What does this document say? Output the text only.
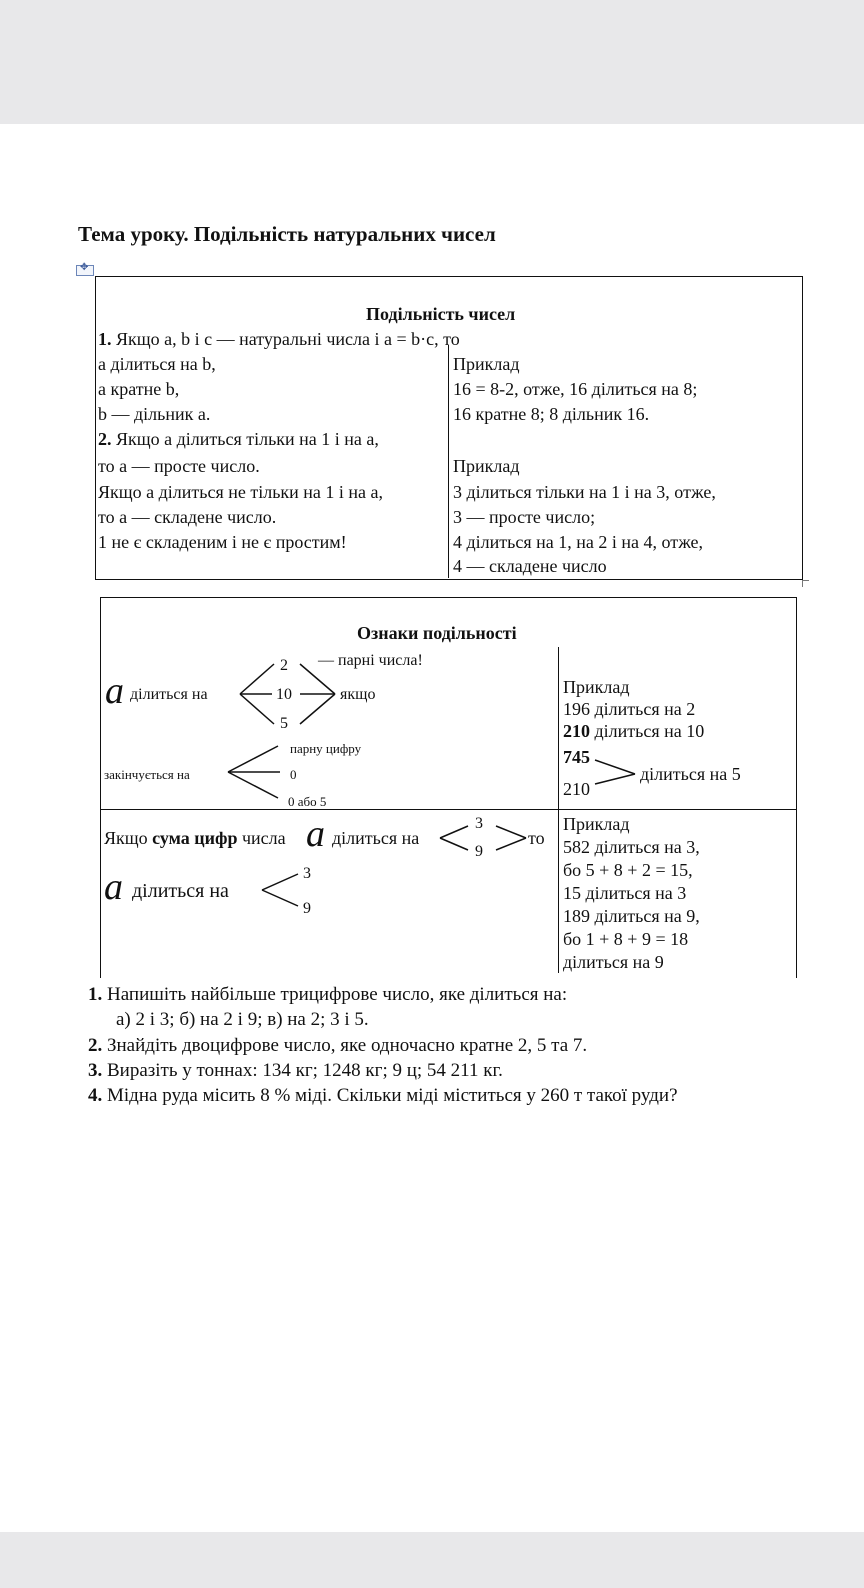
Тема уроку. Подільність натуральних чисел
✥
Подільність чисел
1. Якщо a, b і c — натуральні числа і a = b·c, то
a ділиться на b,
a кратне b,
b — дільник a.
Приклад
16 = 8-2, отже, 16 ділиться на 8;
16 кратне 8; 8 дільник 16.
2. Якщо a ділиться тільки на 1 і на a,
то a — просте число.
Якщо a ділиться не тільки на 1 і на a,
то a — складене число.
1 не є складеним і не є простим!
Приклад
3 ділиться тільки на 1 і на 3, отже,
3 — просте число;
4 ділиться на 1, на 2 і на 4, отже,
4 — складене число
Ознаки подільності
a ділиться на
2
10
5
— парні числа!
якщо
закінчується на
парну цифру
0
0 або 5
Приклад
196 ділиться на 2
210 ділиться на 10
745
210
ділиться на 5
Якщо сума цифр числа a ділиться на
3
9
то
a ділиться на
3
9
Приклад
582 ділиться на 3,
бо 5 + 8 + 2 = 15,
15 ділиться на 3
189 ділиться на 9,
бо 1 + 8 + 9 = 18
ділиться на 9
1. Напишіть найбільше трицифрове число, яке ділиться на:
а) 2 і 3; б) на 2 і 9; в) на 2; 3 і 5.
2. Знайдіть двоцифрове число, яке одночасно кратне 2, 5 та 7.
3. Виразіть у тоннах: 134 кг; 1248 кг; 9 ц; 54 211 кг.
4. Мідна руда місить 8 % міді. Скільки міді міститься у 260 т такої руди?
